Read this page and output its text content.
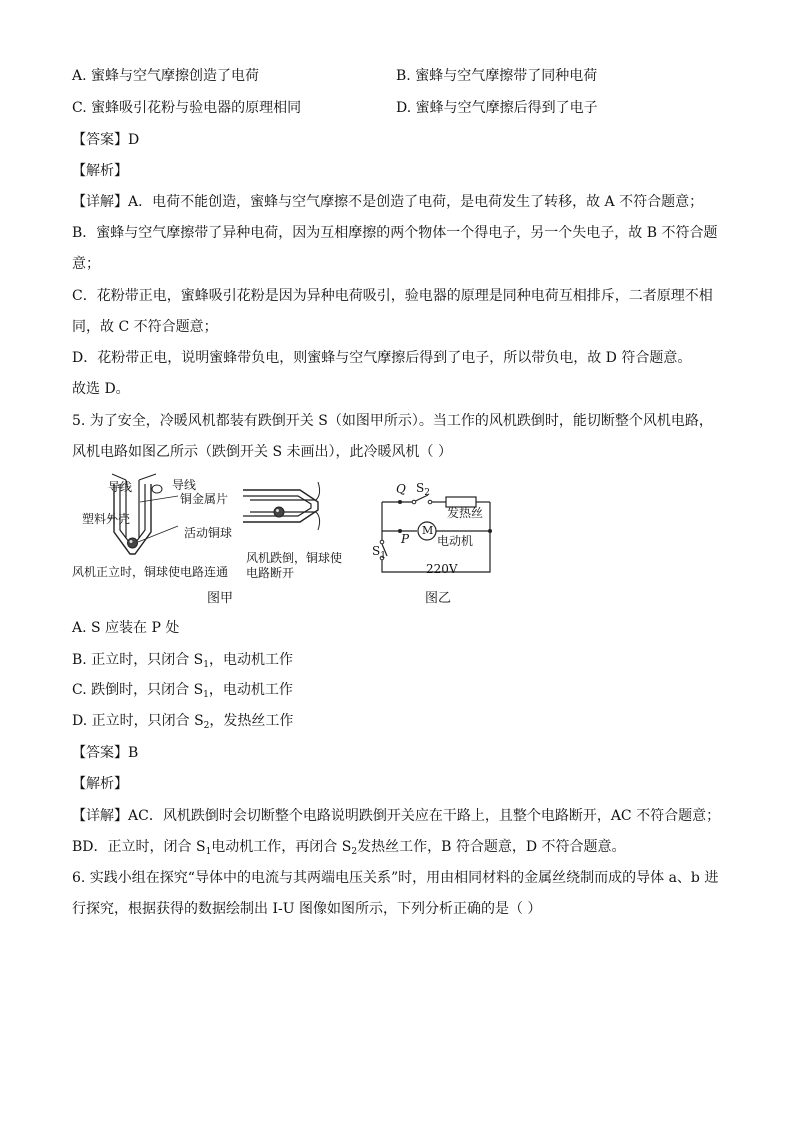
A. 蜜蜂与空气摩擦创造了电荷	B. 蜜蜂与空气摩擦带了同种电荷
C. 蜜蜂吸引花粉与验电器的原理相同	D. 蜜蜂与空气摩擦后得到了电子
【答案】D
【解析】
【详解】A．电荷不能创造，蜜蜂与空气摩擦不是创造了电荷，是电荷发生了转移，故 A 不符合题意；
B．蜜蜂与空气摩擦带了异种电荷，因为互相摩擦的两个物体一个得电子，另一个失电子，故 B 不符合题
意；
C．花粉带正电，蜜蜂吸引花粉是因为异种电荷吸引，验电器的原理是同种电荷互相排斥，二者原理不相
同，故 C 不符合题意；
D．花粉带正电，说明蜜蜂带负电，则蜜蜂与空气摩擦后得到了电子，所以带负电，故 D 符合题意。
故选 D。
5. 为了安全，冷暖风机都装有跌倒开关 S（如图甲所示）。当工作的风机跌倒时，能切断整个风机电路，
风机电路如图乙所示（跌倒开关 S 未画出），此冷暖风机（ ）
导线	导线
铜金属片
塑料外壳
活动铜球
风机跌倒，铜球使
电路断开
风机正立时，铜球使电路连通
图甲
Q $S_2$
发热丝
P
M
电动机
$S_1$
220V
图乙
A. S 应装在 P 处
B. 正立时，只闭合 $S_1$，电动机工作
C. 跌倒时，只闭合 $S_1$，电动机工作
D. 正立时，只闭合 $S_2$，发热丝工作
【答案】B
【解析】
【详解】AC．风机跌倒时会切断整个电路说明跌倒开关应在干路上，且整个电路断开，AC 不符合题意；
BD．正立时，闭合 $S_1$电动机工作，再闭合 $S_2$发热丝工作，B 符合题意，D 不符合题意。
6. 实践小组在探究“导体中的电流与其两端电压关系”时，用由相同材料的金属丝绕制而成的导体 a、b 进
行探究，根据获得的数据绘制出 I-U 图像如图所示，下列分析正确的是（ ）
